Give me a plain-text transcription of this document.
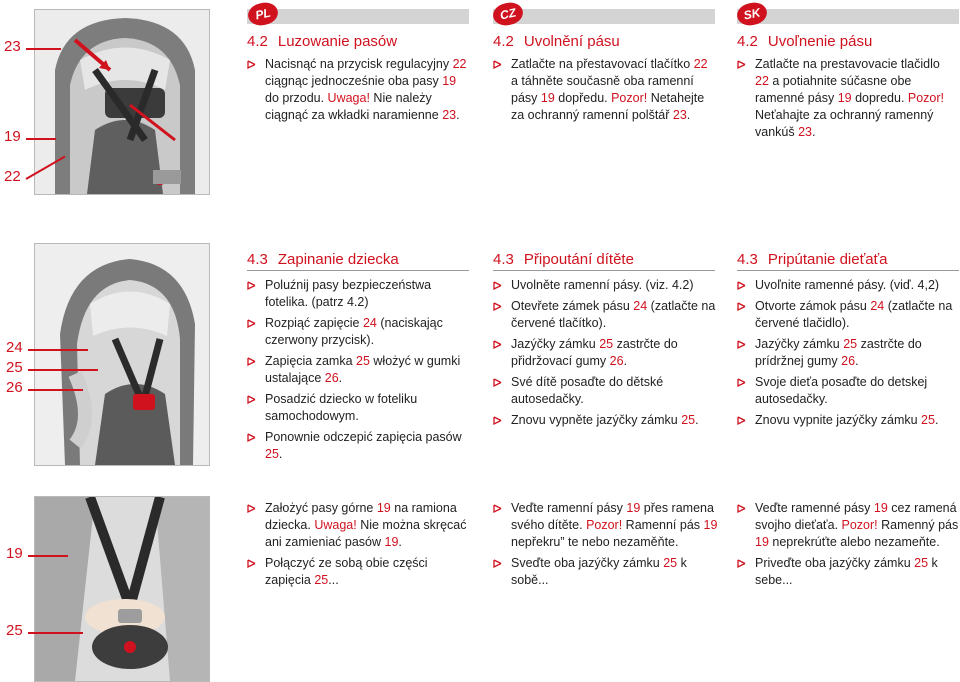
PL	CZ	SK
23
19
22
4.2 Luzowanie pasów
Nacisnąć na przycisk regulacyjny 22 ciągnąc jednocześnie oba pasy 19 do przodu. Uwaga! Nie należy ciągnąć za wkładki naramienne 23.
4.2 Uvolnění pásu
Zatlačte na přestavovací tlačítko 22 a táhněte současně oba ramenní pásy 19 dopředu. Pozor! Netahejte za ochranný ramenní polštář 23.
4.2 Uvoľnenie pásu
Zatlačte na prestavovacie tlačidlo 22 a potiahnite súčasne obe ramenné pásy 19 dopredu. Pozor! Neťahajte za ochranný ramenný vankúš 23.
24
25
26
4.3 Zapinanie dziecka
Poluźnij pasy bezpieczeństwa fotelika. (patrz 4.2)
Rozpiąć zapięcie 24 (naciskając czerwony przycisk).
Zapięcia zamka 25 włożyć w gumki ustalające 26.
Posadzić dziecko w foteliku samochodowym.
Ponownie odczepić zapięcia pasów 25.
4.3 Připoutání dítěte
Uvolněte ramenní pásy. (viz. 4.2)
Otevřete zámek pásu 24 (zatlačte na červené tlačítko).
Jazýčky zámku 25 zastrčte do přidržovací gumy 26.
Své dítě posaďte do dětské autosedačky.
Znovu vypněte jazýčky zámku 25.
4.3 Pripútanie dieťaťa
Uvoľnite ramenné pásy. (viď. 4,2)
Otvorte zámok pásu 24 (zatlačte na červené tlačidlo).
Jazýčky zámku 25 zastrčte do prídržnej gumy 26.
Svoje dieťa posaďte do detskej autosedačky.
Znovu vypnite jazýčky zámku 25.
19
25
Założyć pasy górne 19 na ramiona dziecka. Uwaga! Nie można skręcać ani zamieniać pasów 19.
Połączyć ze sobą obie części zapięcia 25...
Veďte ramenní pásy 19 přes ramena svého dítěte. Pozor! Ramenní pás 19 nepřekru” te nebo nezaměňte.
Sveďte oba jazýčky zámku 25 k sobě...
Veďte ramenné pásy 19 cez ramená svojho dieťaťa. Pozor! Ramenný pás 19 neprekrúťte alebo nezameňte.
Priveďte oba jazýčky zámku 25 k sebe...
